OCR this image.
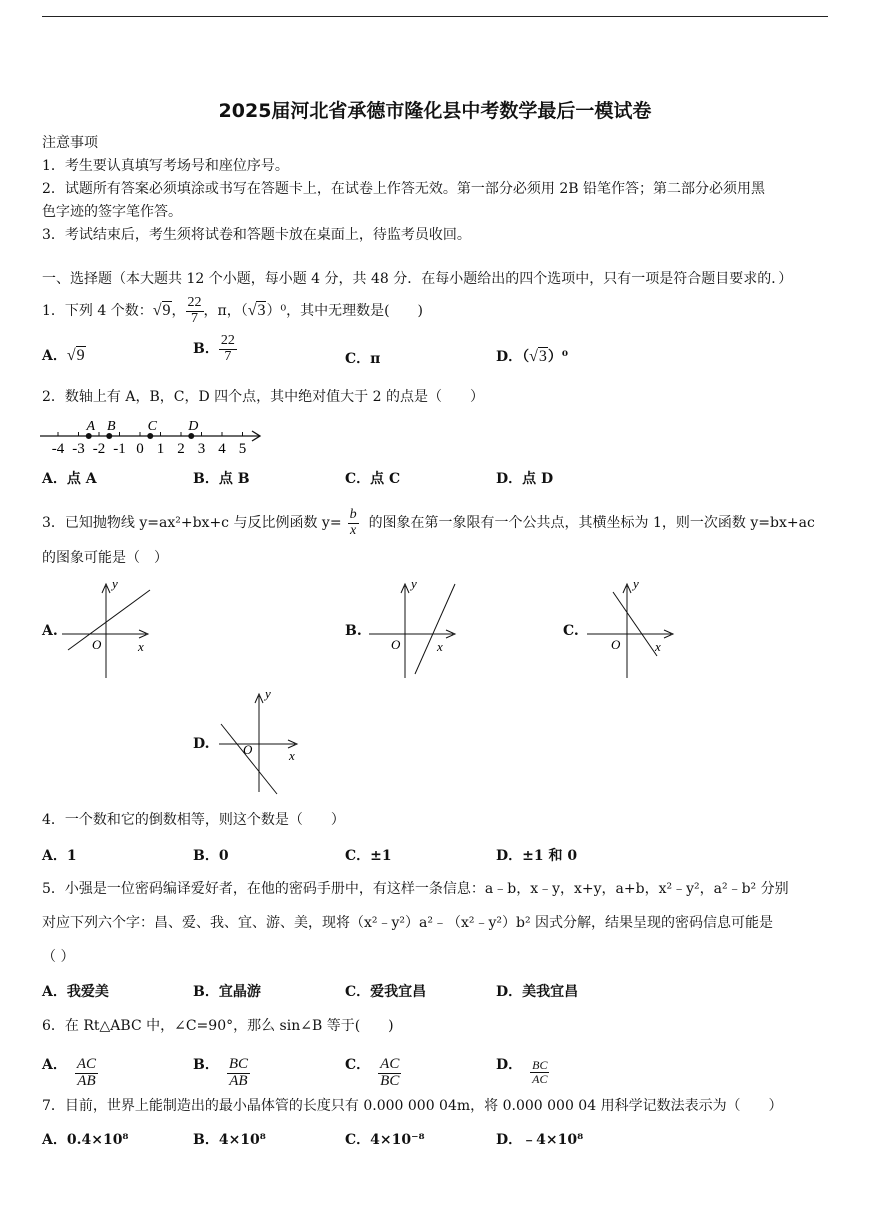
2025届河北省承德市隆化县中考数学最后一模试卷
注意事项
1．考生要认真填写考场号和座位序号。
2．试题所有答案必须填涂或书写在答题卡上，在试卷上作答无效。第一部分必须用 2B 铅笔作答；第二部分必须用黑
色字迹的签字笔作答。
3．考试结束后，考生须将试卷和答题卡放在桌面上，待监考员收回。
一、选择题（本大题共 12 个小题，每小题 4 分，共 48 分．在每小题给出的四个选项中，只有一项是符合题目要求的．）
1．下列 4 个数：√9， $\frac{22}{7}$ ，π，（√3）⁰，其中无理数是(　　)
A．√9	B． $\frac{22}{7}$	C．π	D．（√3）⁰
2．数轴上有 A，B，C，D 四个点，其中绝对值大于 2 的点是（　　）
-4 -3 -2 -1 0 1 2 3 4 5
A B C D
A．点 A	B．点 B	C．点 C	D．点 D
3．已知抛物线 y=ax²+bx+c 与反比例函数 $y= \frac{b}{x}$ 的图象在第一象限有一个公共点，其横坐标为 1，则一次函数 y=bx+ac
的图象可能是（　）
A.
y
x
O
B.
y
x
O
C.
y
x
O
D.
y
x
O
4．一个数和它的倒数相等，则这个数是（　　）
A．1	B．0	C．±1	D．±1 和 0
5．小强是一位密码编译爱好者，在他的密码手册中，有这样一条信息：a﹣b，x﹣y，x+y，a+b，x²﹣y²，a²﹣b² 分别
对应下列六个字：昌、爱、我、宜、游、美，现将（x²﹣y²）a²﹣（x²﹣y²）b² 因式分解，结果呈现的密码信息可能是
（ ）
A．我爱美	B．宜晶游	C．爱我宜昌	D．美我宜昌
6．在 Rt△ABC 中，∠C=90°，那么 sin∠B 等于(　　)
A． $\frac{AC}{AB}$	B． $\frac{BC}{AB}$	C． $\frac{AC}{BC}$	D． $\frac{BC}{AC}$
7．目前，世界上能制造出的最小晶体管的长度只有 0.000 000 04m，将 0.000 000 04 用科学记数法表示为（　　）
A．0.4×10⁸	B．4×10⁸	C．4×10⁻⁸	D．﹣4×10⁸
